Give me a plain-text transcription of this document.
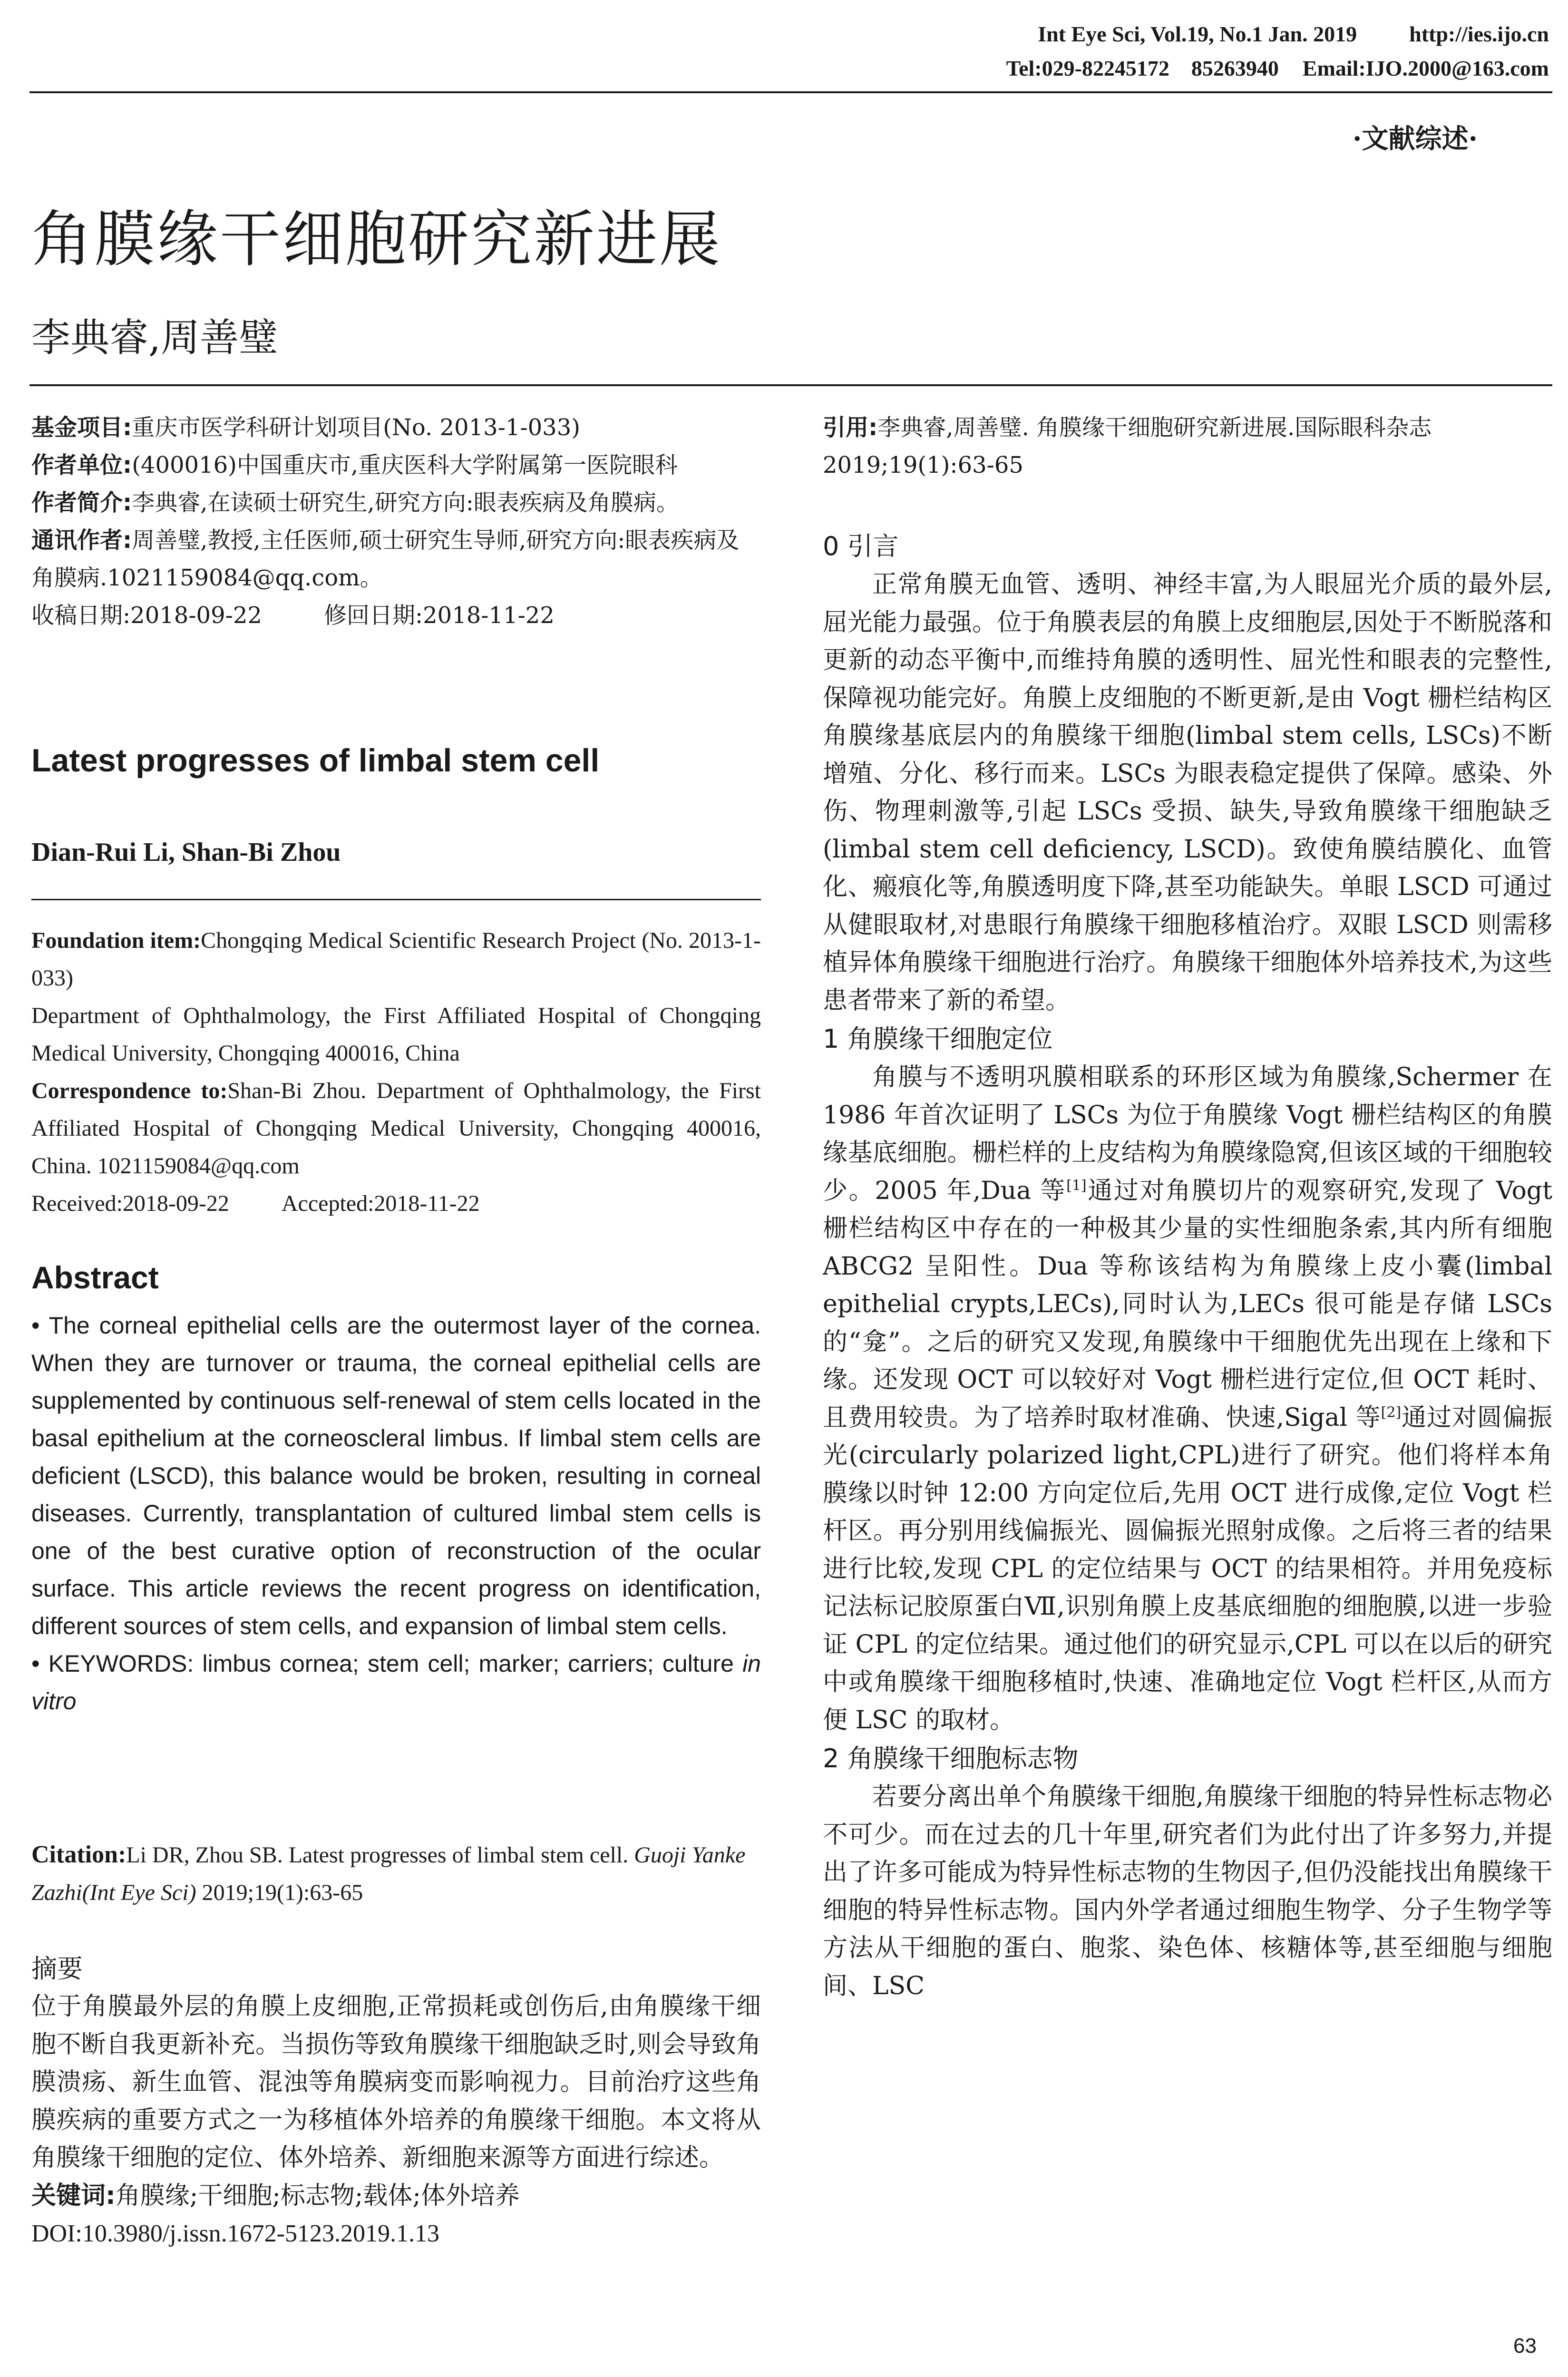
Int Eye Sci, Vol.19, No.1 Jan. 2019 http://ies.ijo.cn
Tel:029-82245172　85263940 Email:IJO.2000@163.com
·文献综述·
角膜缘干细胞研究新进展
李典睿,周善璧
基金项目:重庆市医学科研计划项目(No. 2013-1-033)
作者单位:(400016)中国重庆市,重庆医科大学附属第一医院眼科
作者简介:李典睿,在读硕士研究生,研究方向:眼表疾病及角膜病。
通讯作者:周善璧,教授,主任医师,硕士研究生导师,研究方向:眼表疾病及角膜病.1021159084@qq.com。
收稿日期:2018-09-22	修回日期:2018-11-22
Latest progresses of limbal stem cell
Dian-Rui Li, Shan-Bi Zhou
Foundation item:Chongqing Medical Scientific Research Project (No. 2013-1-033)
Department of Ophthalmology, the First Affiliated Hospital of Chongqing Medical University, Chongqing 400016, China
Correspondence to:Shan-Bi Zhou. Department of Ophthalmology, the First Affiliated Hospital of Chongqing Medical University, Chongqing 400016, China. 1021159084@qq.com
Received:2018-09-22 Accepted:2018-11-22
Abstract
• The corneal epithelial cells are the outermost layer of the cornea. When they are turnover or trauma, the corneal epithelial cells are supplemented by continuous self-renewal of stem cells located in the basal epithelium at the corneoscleral limbus. If limbal stem cells are deficient (LSCD), this balance would be broken, resulting in corneal diseases. Currently, transplantation of cultured limbal stem cells is one of the best curative option of reconstruction of the ocular surface. This article reviews the recent progress on identification, different sources of stem cells, and expansion of limbal stem cells.
• KEYWORDS: limbus cornea; stem cell; marker; carriers; culture in vitro
Citation:Li DR, Zhou SB. Latest progresses of limbal stem cell. Guoji Yanke Zazhi(Int Eye Sci) 2019;19(1):63-65
摘要
位于角膜最外层的角膜上皮细胞,正常损耗或创伤后,由角膜缘干细胞不断自我更新补充。当损伤等致角膜缘干细胞缺乏时,则会导致角膜溃疡、新生血管、混浊等角膜病变而影响视力。目前治疗这些角膜疾病的重要方式之一为移植体外培养的角膜缘干细胞。本文将从角膜缘干细胞的定位、体外培养、新细胞来源等方面进行综述。
关键词:角膜缘;干细胞;标志物;载体;体外培养
DOI:10.3980/j.issn.1672-5123.2019.1.13
引用:李典睿,周善璧. 角膜缘干细胞研究新进展.国际眼科杂志 2019;19(1):63-65
0 引言
正常角膜无血管、透明、神经丰富,为人眼屈光介质的最外层,屈光能力最强。位于角膜表层的角膜上皮细胞层,因处于不断脱落和更新的动态平衡中,而维持角膜的透明性、屈光性和眼表的完整性,保障视功能完好。角膜上皮细胞的不断更新,是由 Vogt 栅栏结构区角膜缘基底层内的角膜缘干细胞(limbal stem cells, LSCs)不断增殖、分化、移行而来。LSCs 为眼表稳定提供了保障。感染、外伤、物理刺激等,引起 LSCs 受损、缺失,导致角膜缘干细胞缺乏(limbal stem cell deficiency, LSCD)。致使角膜结膜化、血管化、瘢痕化等,角膜透明度下降,甚至功能缺失。单眼 LSCD 可通过从健眼取材,对患眼行角膜缘干细胞移植治疗。双眼 LSCD 则需移植异体角膜缘干细胞进行治疗。角膜缘干细胞体外培养技术,为这些患者带来了新的希望。
1 角膜缘干细胞定位
角膜与不透明巩膜相联系的环形区域为角膜缘,Schermer 在 1986 年首次证明了 LSCs 为位于角膜缘 Vogt 栅栏结构区的角膜缘基底细胞。栅栏样的上皮结构为角膜缘隐窝,但该区域的干细胞较少。2005 年,Dua 等[1]通过对角膜切片的观察研究,发现了 Vogt 栅栏结构区中存在的一种极其少量的实性细胞条索,其内所有细胞 ABCG2 呈阳性。Dua 等称该结构为角膜缘上皮小囊(limbal epithelial crypts,LECs),同时认为,LECs 很可能是存储 LSCs 的“龛”。之后的研究又发现,角膜缘中干细胞优先出现在上缘和下缘。还发现 OCT 可以较好对 Vogt 栅栏进行定位,但 OCT 耗时、且费用较贵。为了培养时取材准确、快速,Sigal 等[2]通过对圆偏振光(circularly polarized light,CPL)进行了研究。他们将样本角膜缘以时钟 12:00 方向定位后,先用 OCT 进行成像,定位 Vogt 栏杆区。再分别用线偏振光、圆偏振光照射成像。之后将三者的结果进行比较,发现 CPL 的定位结果与 OCT 的结果相符。并用免疫标记法标记胶原蛋白Ⅶ,识别角膜上皮基底细胞的细胞膜,以进一步验证 CPL 的定位结果。通过他们的研究显示,CPL 可以在以后的研究中或角膜缘干细胞移植时,快速、准确地定位 Vogt 栏杆区,从而方便 LSC 的取材。
2 角膜缘干细胞标志物
若要分离出单个角膜缘干细胞,角膜缘干细胞的特异性标志物必不可少。而在过去的几十年里,研究者们为此付出了许多努力,并提出了许多可能成为特异性标志物的生物因子,但仍没能找出角膜缘干细胞的特异性标志物。国内外学者通过细胞生物学、分子生物学等方法从干细胞的蛋白、胞浆、染色体、核糖体等,甚至细胞与细胞间、LSC
63
